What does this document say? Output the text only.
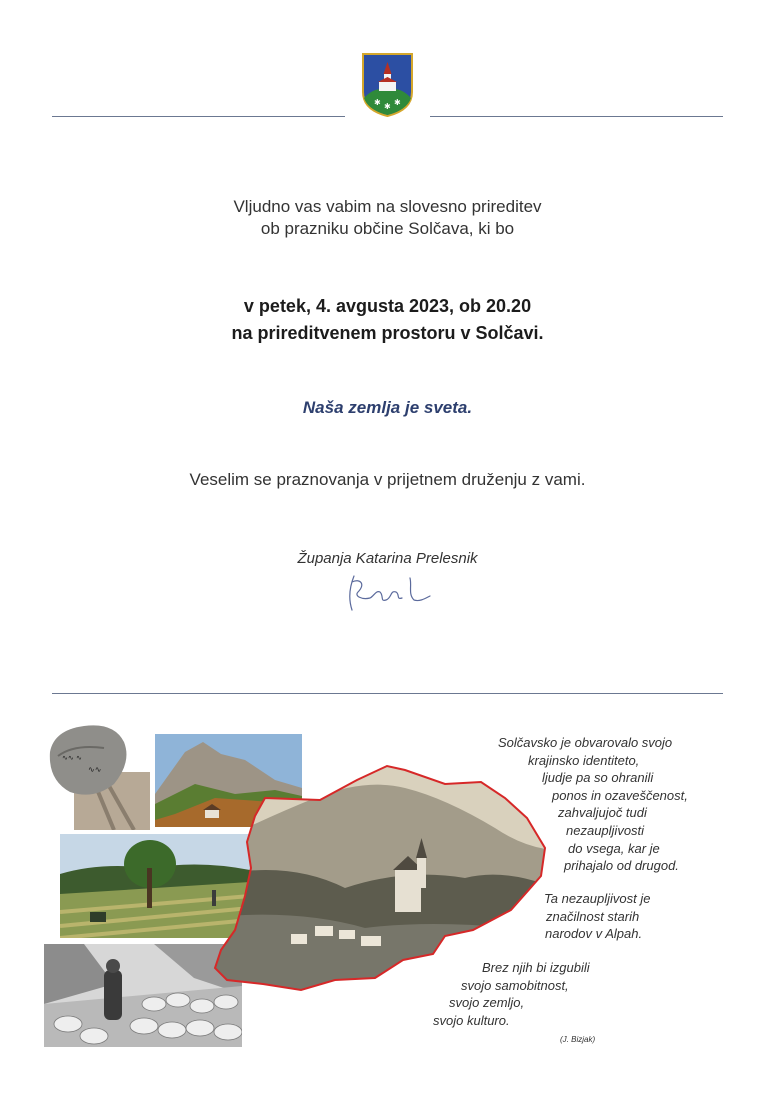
✱ ✱ ✱
Vljudno vas vabim na slovesno prireditev
ob prazniku občine Solčava, ki bo
v petek, 4. avgusta 2023, ob 20.20
na prireditvenem prostoru v Solčavi.
Naša zemlja je sveta.
Veselim se praznovanja v prijetnem druženju z vami.
Županja Katarina Prelesnik
∿∿ ∿
∿∿
Solčavsko je obvarovalo svojo
krajinsko identiteto,
ljudje pa so ohranili
ponos in ozaveščenost,
zahvaljujoč tudi
nezaupljivosti
do vsega, kar je
prihajalo od drugod.
Ta nezaupljivost je
značilnost starih
narodov v Alpah.
Brez njih bi izgubili
svojo samobitnost,
svojo zemljo,
svojo kulturo.
(J. Bizjak)
